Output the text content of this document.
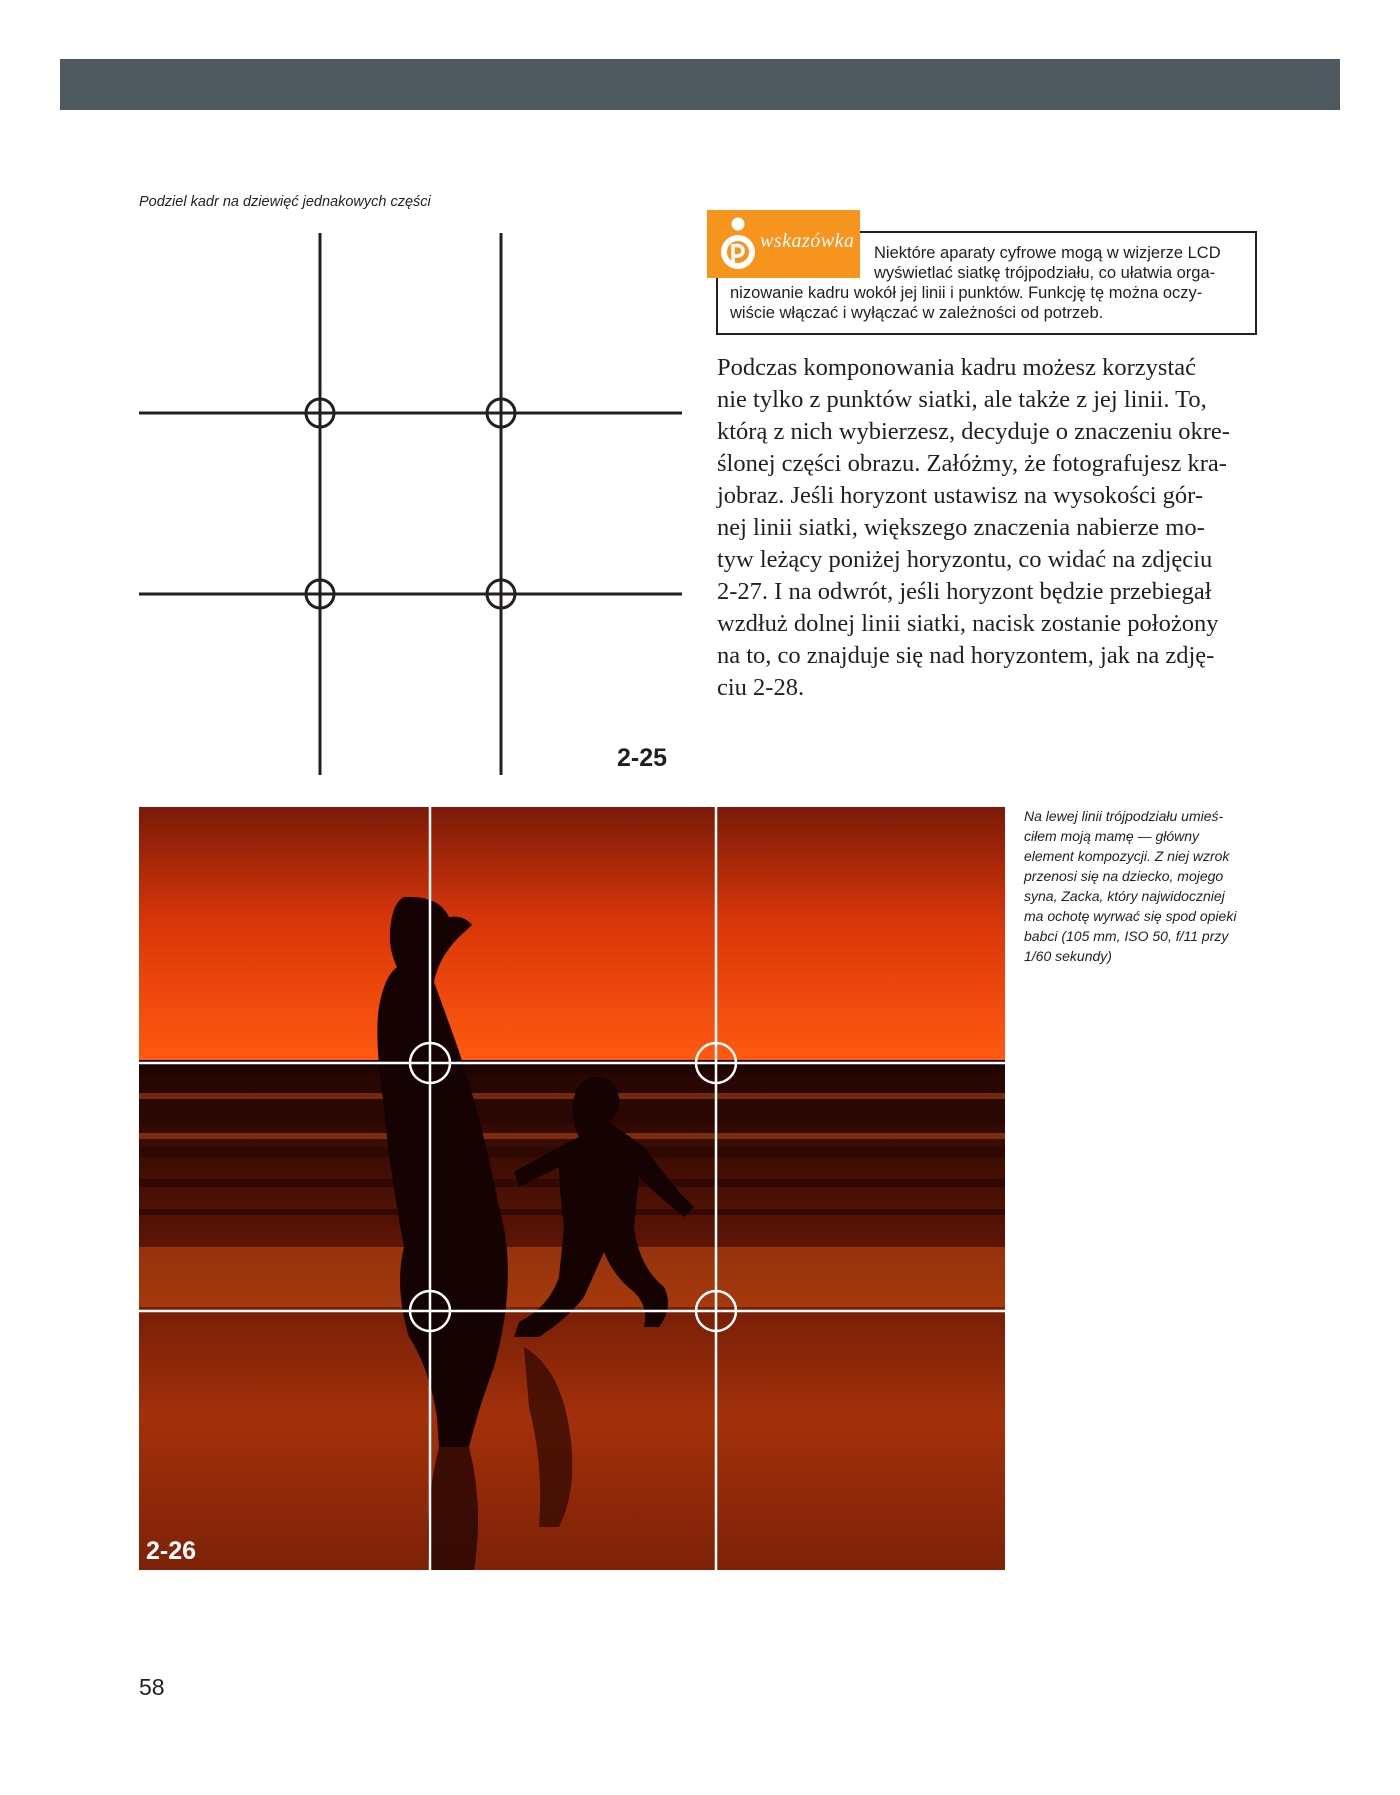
Podziel kadr na dziewięć jednakowych części
2-25
wskazówka
Niektóre aparaty cyfrowe mogą w wizjerze LCD
wyświetlać siatkę trójpodziału, co ułatwia orga-
nizowanie kadru wokół jej linii i punktów. Funkcję tę można oczy-
wiście włączać i wyłączać w zależności od potrzeb.
Podczas komponowania kadru możesz korzystać
nie tylko z punktów siatki, ale także z jej linii. To,
którą z nich wybierzesz, decyduje o znaczeniu okre-
ślonej części obrazu. Załóżmy, że fotografujesz kra-
jobraz. Jeśli horyzont ustawisz na wysokości gór-
nej linii siatki, większego znaczenia nabierze mo-
tyw leżący poniżej horyzontu, co widać na zdjęciu
2-27. I na odwrót, jeśli horyzont będzie przebiegał
wzdłuż dolnej linii siatki, nacisk zostanie położony
na to, co znajduje się nad horyzontem, jak na zdję-
ciu 2-28.
2-26
Na lewej linii trójpodziału umieś-
ciłem moją mamę — główny
element kompozycji. Z niej wzrok
przenosi się na dziecko, mojego
syna, Zacka, który najwidoczniej
ma ochotę wyrwać się spod opieki
babci (105 mm, ISO 50, f/11 przy
1/60 sekundy)
58
